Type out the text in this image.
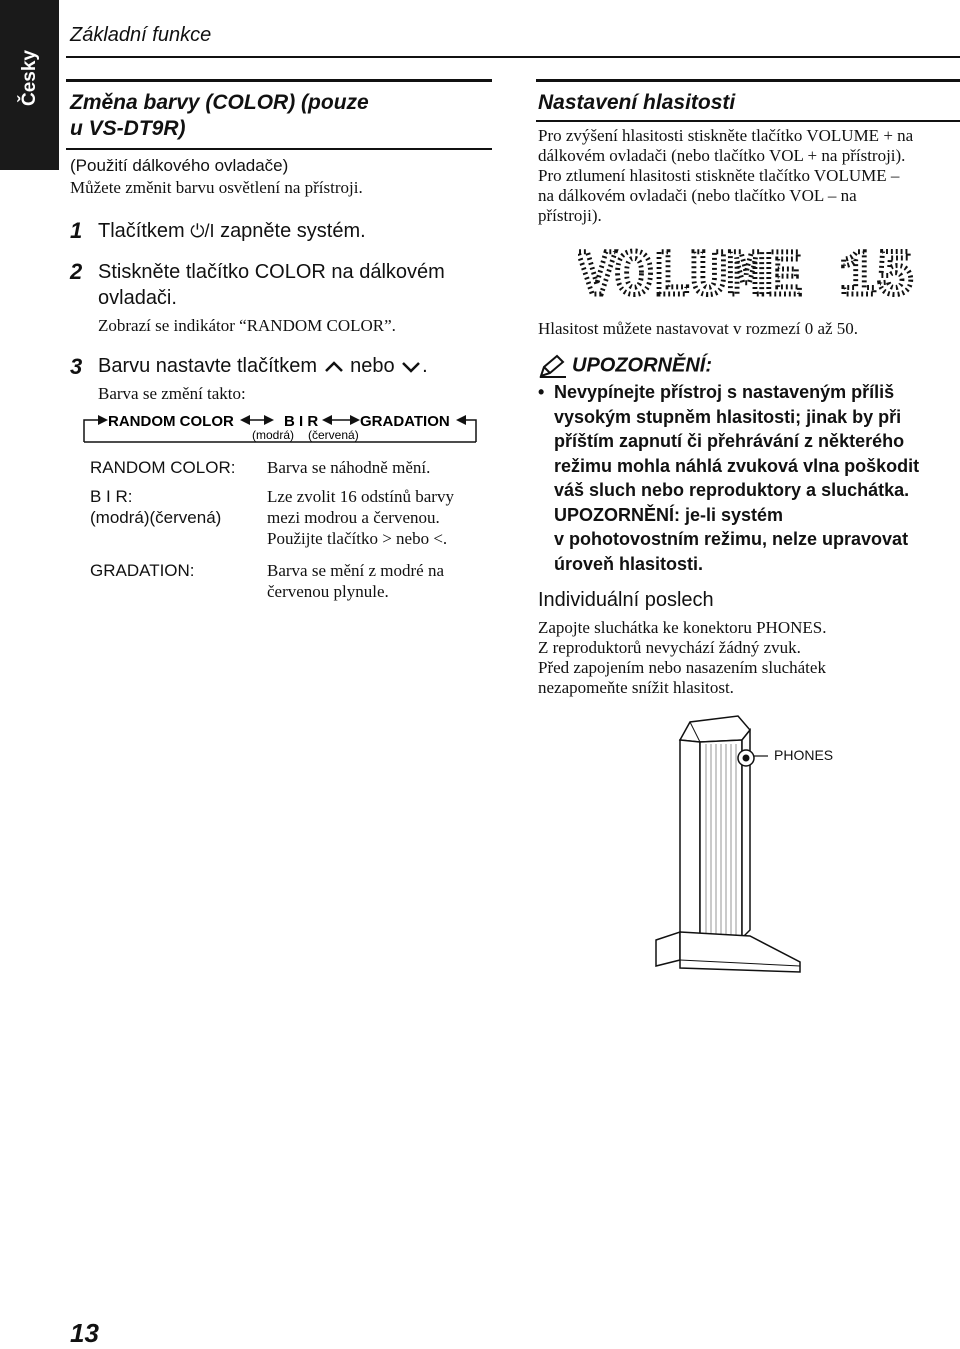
Česky
Základní funkce
Změna barvy (COLOR) (pouze
u VS-DT9R)
(Použití dálkového ovladače)
Můžete změnit barvu osvětlení na přístroji.
1 Tlačítkem ⏻/I zapněte systém.
2 Stiskněte tlačítko COLOR na dálkovém
ovladači.
Zobrazí se indikátor “RANDOM COLOR”.
3 Barvu nastavte tlačítkem nebo .
Barva se změní takto:
RANDOM COLOR	B I R	GRADATION
(modrá) (červená)
RANDOM COLOR: Barva se náhodně mění.
B I R:
(modrá)(červená)
Lze zvolit 16 odstínů barvy
mezi modrou a červenou.
Použijte tlačítko > nebo <.
GRADATION:	Barva se mění z modré na
červenou plynule.
Nastavení hlasitosti
Pro zvýšení hlasitosti stiskněte tlačítko VOLUME + na
dálkovém ovladači (nebo tlačítko VOL + na přístroji).
Pro ztlumení hlasitosti stiskněte tlačítko VOLUME –
na dálkovém ovladači (nebo tlačítko VOL – na
přístroji).
VOLUME 15
Hlasitost můžete nastavovat v rozmezí 0 až 50.
UPOZORNĚNÍ:
• Nevypínejte přístroj s nastaveným příliš
vysokým stupněm hlasitosti; jinak by při
příštím zapnutí či přehrávání z některého
režimu mohla náhlá zvuková vlna poškodit
váš sluch nebo reproduktory a sluchátka.
UPOZORNĚNÍ: je-li systém
v pohotovostním režimu, nelze upravovat
úroveň hlasitosti.
Individuální poslech
Zapojte sluchátka ke konektoru PHONES.
Z reproduktorů nevychází žádný zvuk.
Před zapojením nebo nasazením sluchátek
nezapomeňte snížit hlasitost.
PHONES
13
